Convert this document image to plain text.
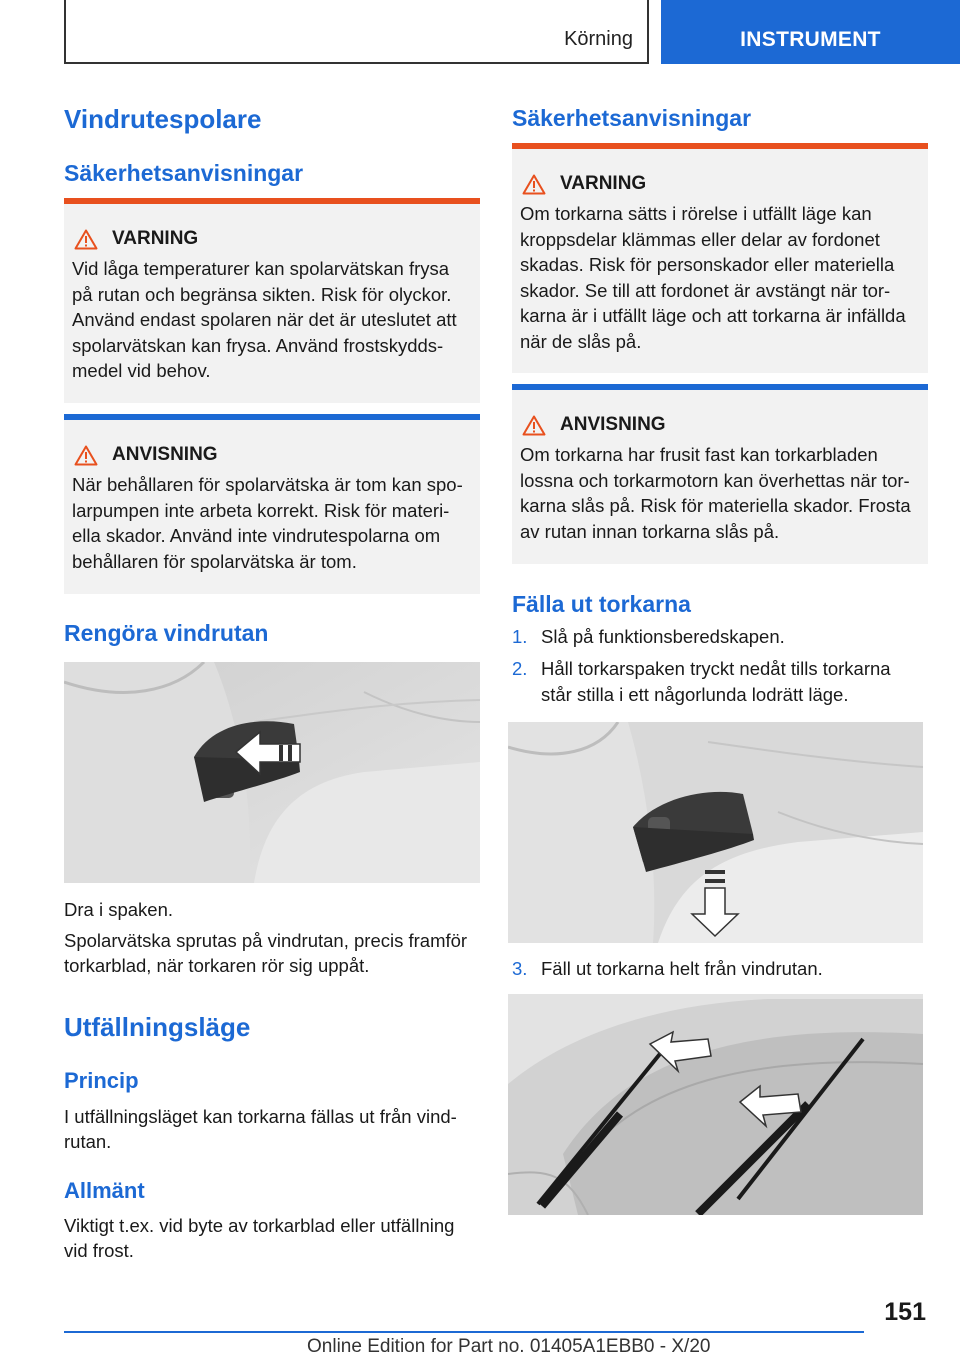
Körning	INSTRUMENT
Vindrutespolare
Säkerhetsanvisningar
VARNING
Vid låga temperaturer kan spolarvätskan frysa
på rutan och begränsa sikten. Risk för olyckor.
Använd endast spolaren när det är uteslutet att
spolarvätskan kan frysa. Använd frostskydds-
medel vid behov.
ANVISNING
När behållaren för spolarvätska är tom kan spo-
larpumpen inte arbeta korrekt. Risk för materi-
ella skador. Använd inte vindrutespolarna om
behållaren för spolarvätska är tom.
Rengöra vindrutan
Dra i spaken.
Spolarvätska sprutas på vindrutan, precis framför
torkarblad, när torkaren rör sig uppåt.
Utfällningsläge
Princip
I utfällningsläget kan torkarna fällas ut från vind-
rutan.
Allmänt
Viktigt t.ex. vid byte av torkarblad eller utfällning
vid frost.
Säkerhetsanvisningar
VARNING
Om torkarna sätts i rörelse i utfällt läge kan
kroppsdelar klämmas eller delar av fordonet
skadas. Risk för personskador eller materiella
skador. Se till att fordonet är avstängt när tor-
karna är i utfällt läge och att torkarna är infällda
när de slås på.
ANVISNING
Om torkarna har frusit fast kan torkarbladen
lossna och torkarmotorn kan överhettas när tor-
karna slås på. Risk för materiella skador. Frosta
av rutan innan torkarna slås på.
Fälla ut torkarna
1. Slå på funktionsberedskapen.
2. Håll torkarspaken tryckt nedåt tills torkarna
står stilla i ett någorlunda lodrätt läge.
3. Fäll ut torkarna helt från vindrutan.
151
Online Edition for Part no. 01405A1EBB0 - X/20
